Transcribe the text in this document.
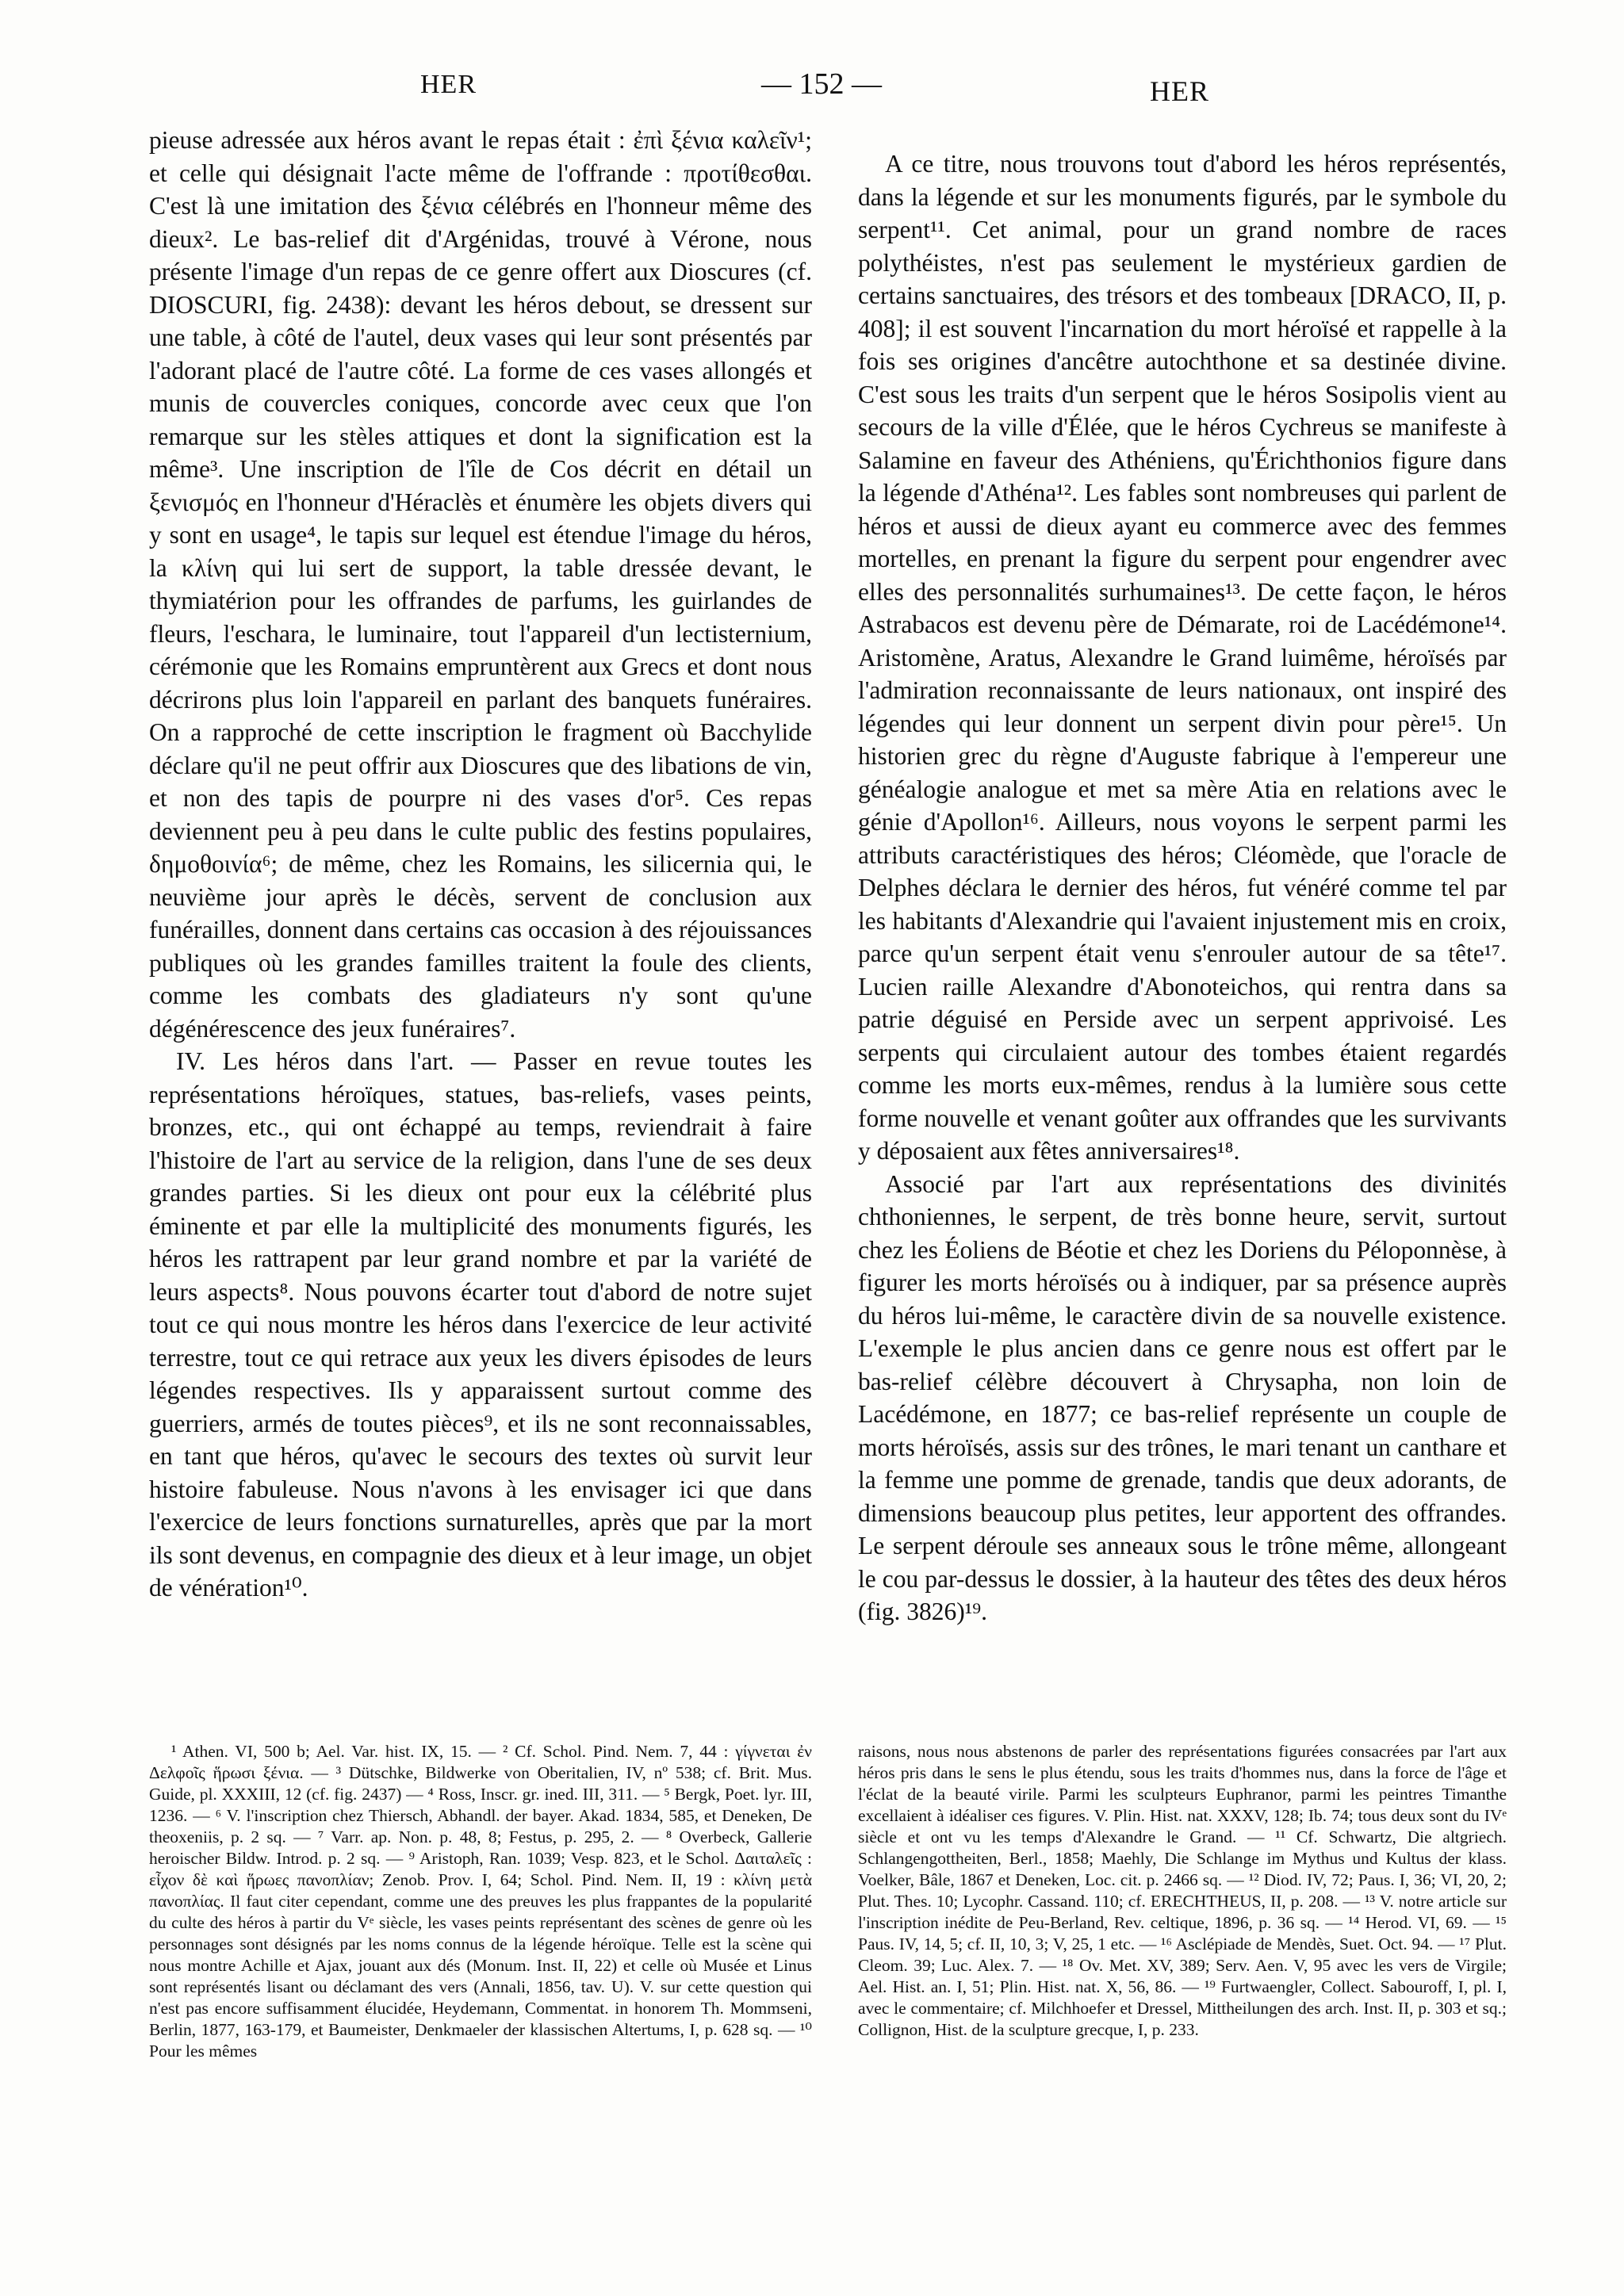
HER	— 152 —	HER

pieuse adressée aux héros avant le repas était : ἐπὶ ξένια καλεῖν¹; et celle qui désignait l'acte même de l'offrande : προτίθεσθαι. C'est là une imitation des ξένια célébrés en l'honneur même des dieux². Le bas-relief dit d'Argénidas, trouvé à Vérone, nous présente l'image d'un repas de ce genre offert aux Dioscures (cf. DIOSCURI, fig. 2438): devant les héros debout, se dressent sur une table, à côté de l'autel, deux vases qui leur sont présentés par l'adorant placé de l'autre côté. La forme de ces vases allongés et munis de couvercles coniques, concorde avec ceux que l'on remarque sur les stèles attiques et dont la signification est la même³. Une inscription de l'île de Cos décrit en détail un ξενισμός en l'honneur d'Héraclès et énumère les objets divers qui y sont en usage⁴, le tapis sur lequel est étendue l'image du héros, la κλίνη qui lui sert de support, la table dressée devant, le thymiatérion pour les offrandes de parfums, les guirlandes de fleurs, l'eschara, le luminaire, tout l'appareil d'un lectisternium, cérémonie que les Romains empruntèrent aux Grecs et dont nous décrirons plus loin l'appareil en parlant des banquets funéraires. On a rapproché de cette inscription le fragment où Bacchylide déclare qu'il ne peut offrir aux Dioscures que des libations de vin, et non des tapis de pourpre ni des vases d'or⁵. Ces repas deviennent peu à peu dans le culte public des festins populaires, δημοθοινία⁶; de même, chez les Romains, les silicernia qui, le neuvième jour après le décès, servent de conclusion aux funérailles, donnent dans certains cas occasion à des réjouissances publiques où les grandes familles traitent la foule des clients, comme les combats des gladiateurs n'y sont qu'une dégénérescence des jeux funéraires⁷.

IV. Les héros dans l'art. — Passer en revue toutes les représentations héroïques, statues, bas-reliefs, vases peints, bronzes, etc., qui ont échappé au temps, reviendrait à faire l'histoire de l'art au service de la religion, dans l'une de ses deux grandes parties. Si les dieux ont pour eux la célébrité plus éminente et par elle la multiplicité des monuments figurés, les héros les rattrapent par leur grand nombre et par la variété de leurs aspects⁸. Nous pouvons écarter tout d'abord de notre sujet tout ce qui nous montre les héros dans l'exercice de leur activité terrestre, tout ce qui retrace aux yeux les divers épisodes de leurs légendes respectives. Ils y apparaissent surtout comme des guerriers, armés de toutes pièces⁹, et ils ne sont reconnaissables, en tant que héros, qu'avec le secours des textes où survit leur histoire fabuleuse. Nous n'avons à les envisager ici que dans l'exercice de leurs fonctions surnaturelles, après que par la mort ils sont devenus, en compagnie des dieux et à leur image, un objet de vénération¹⁰.

A ce titre, nous trouvons tout d'abord les héros représentés, dans la légende et sur les monuments figurés, par le symbole du serpent¹¹. Cet animal, pour un grand nombre de races polythéistes, n'est pas seulement le mystérieux gardien de certains sanctuaires, des trésors et des tombeaux [DRACO, II, p. 408]; il est souvent l'incarnation du mort héroïsé et rappelle à la fois ses origines d'ancêtre autochthone et sa destinée divine. C'est sous les traits d'un serpent que le héros Sosipolis vient au secours de la ville d'Élée, que le héros Cychreus se manifeste à Salamine en faveur des Athéniens, qu'Érichthonios figure dans la légende d'Athéna¹². Les fables sont nombreuses qui parlent de héros et aussi de dieux ayant eu commerce avec des femmes mortelles, en prenant la figure du serpent pour engendrer avec elles des personnalités surhumaines¹³. De cette façon, le héros Astrabacos est devenu père de Démarate, roi de Lacédémone¹⁴. Aristomène, Aratus, Alexandre le Grand luimême, héroïsés par l'admiration reconnaissante de leurs nationaux, ont inspiré des légendes qui leur donnent un serpent divin pour père¹⁵. Un historien grec du règne d'Auguste fabrique à l'empereur une généalogie analogue et met sa mère Atia en relations avec le génie d'Apollon¹⁶. Ailleurs, nous voyons le serpent parmi les attributs caractéristiques des héros; Cléomède, que l'oracle de Delphes déclara le dernier des héros, fut vénéré comme tel par les habitants d'Alexandrie qui l'avaient injustement mis en croix, parce qu'un serpent était venu s'enrouler autour de sa tête¹⁷. Lucien raille Alexandre d'Abonoteichos, qui rentra dans sa patrie déguisé en Perside avec un serpent apprivoisé. Les serpents qui circulaient autour des tombes étaient regardés comme les morts eux-mêmes, rendus à la lumière sous cette forme nouvelle et venant goûter aux offrandes que les survivants y déposaient aux fêtes anniversaires¹⁸.

Associé par l'art aux représentations des divinités chthoniennes, le serpent, de très bonne heure, servit, surtout chez les Éoliens de Béotie et chez les Doriens du Péloponnèse, à figurer les morts héroïsés ou à indiquer, par sa présence auprès du héros lui-même, le caractère divin de sa nouvelle existence. L'exemple le plus ancien dans ce genre nous est offert par le bas-relief célèbre découvert à Chrysapha, non loin de Lacédémone, en 1877; ce bas-relief représente un couple de morts héroïsés, assis sur des trônes, le mari tenant un canthare et la femme une pomme de grenade, tandis que deux adorants, de dimensions beaucoup plus petites, leur apportent des offrandes. Le serpent déroule ses anneaux sous le trône même, allongeant le cou par-dessus le dossier, à la hauteur des têtes des deux héros (fig. 3826)¹⁹.

¹ Athen. VI, 500 b; Ael. Var. hist. IX, 15. — ² Cf. Schol. Pind. Nem. 7, 44 : γίγνεται ἐν Δελφοῖς ἥρωσι ξένια. — ³ Dütschke, Bildwerke von Oberitalien, IV, nº 538; cf. Brit. Mus. Guide, pl. XXXIII, 12 (cf. fig. 2437) — ⁴ Ross, Inscr. gr. ined. III, 311. — ⁵ Bergk, Poet. lyr. III, 1236. — ⁶ V. l'inscription chez Thiersch, Abhandl. der bayer. Akad. 1834, 585, et Deneken, De theoxeniis, p. 2 sq. — ⁷ Varr. ap. Non. p. 48, 8; Festus, p. 295, 2. — ⁸ Overbeck, Gallerie heroischer Bildw. Introd. p. 2 sq. — ⁹ Aristoph, Ran. 1039; Vesp. 823, et le Schol. Δαιταλεῖς : εἶχον δὲ καὶ ἥρωες πανοπλίαν; Zenob. Prov. I, 64; Schol. Pind. Nem. II, 19 : κλίνη μετὰ πανοπλίας. Il faut citer cependant, comme une des preuves les plus frappantes de la popularité du culte des héros à partir du Vᵉ siècle, les vases peints représentant des scènes de genre où les personnages sont désignés par les noms connus de la légende héroïque. Telle est la scène qui nous montre Achille et Ajax, jouant aux dés (Monum. Inst. II, 22) et celle où Musée et Linus sont représentés lisant ou déclamant des vers (Annali, 1856, tav. U). V. sur cette question qui n'est pas encore suffisamment élucidée, Heydemann, Commentat. in honorem Th. Mommseni, Berlin, 1877, 163-179, et Baumeister, Denkmaeler der klassischen Altertums, I, p. 628 sq. — ¹⁰ Pour les mêmes

raisons, nous nous abstenons de parler des représentations figurées consacrées par l'art aux héros pris dans le sens le plus étendu, sous les traits d'hommes nus, dans la force de l'âge et l'éclat de la beauté virile. Parmi les sculpteurs Euphranor, parmi les peintres Timanthe excellaient à idéaliser ces figures. V. Plin. Hist. nat. XXXV, 128; Ib. 74; tous deux sont du IVᵉ siècle et ont vu les temps d'Alexandre le Grand. — ¹¹ Cf. Schwartz, Die altgriech. Schlangengottheiten, Berl., 1858; Maehly, Die Schlange im Mythus und Kultus der klass. Voelker, Bâle, 1867 et Deneken, Loc. cit. p. 2466 sq. — ¹² Diod. IV, 72; Paus. I, 36; VI, 20, 2; Plut. Thes. 10; Lycophr. Cassand. 110; cf. ERECHTHEUS, II, p. 208. — ¹³ V. notre article sur l'inscription inédite de Peu-Berland, Rev. celtique, 1896, p. 36 sq. — ¹⁴ Herod. VI, 69. — ¹⁵ Paus. IV, 14, 5; cf. II, 10, 3; V, 25, 1 etc. — ¹⁶ Asclépiade de Mendès, Suet. Oct. 94. — ¹⁷ Plut. Cleom. 39; Luc. Alex. 7. — ¹⁸ Ov. Met. XV, 389; Serv. Aen. V, 95 avec les vers de Virgile; Ael. Hist. an. I, 51; Plin. Hist. nat. X, 56, 86. — ¹⁹ Furtwaengler, Collect. Sabouroff, I, pl. I, avec le commentaire; cf. Milchhoefer et Dressel, Mittheilungen des arch. Inst. II, p. 303 et sq.; Collignon, Hist. de la sculpture grecque, I, p. 233.
